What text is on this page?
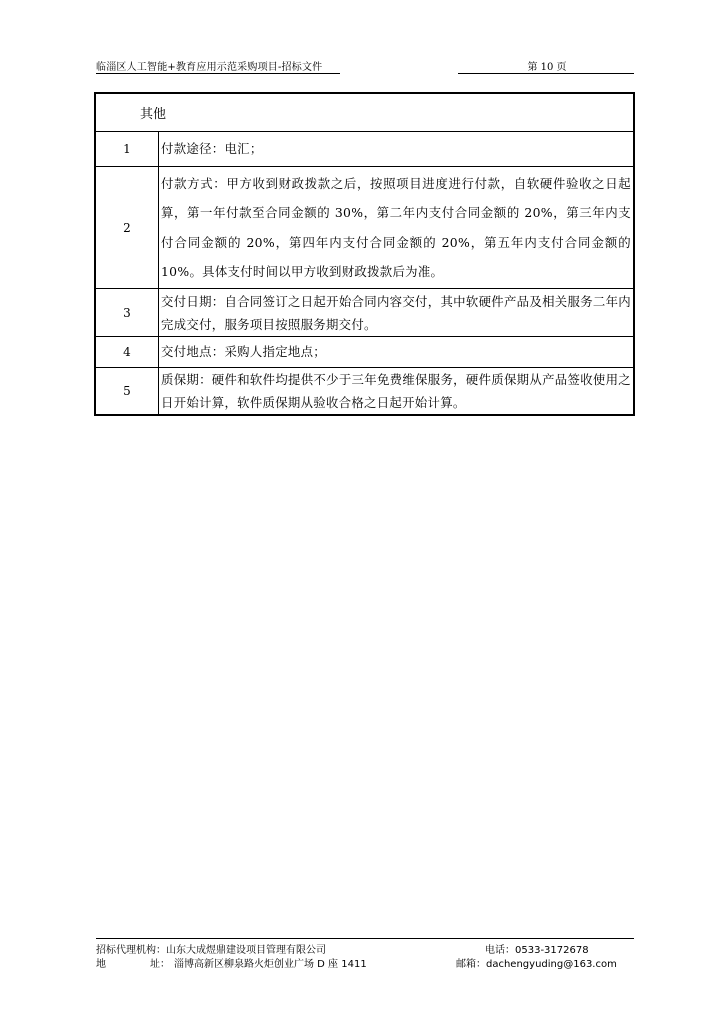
临淄区人工智能+教育应用示范采购项目-招标文件	第 10 页
其他	
1	付款途径：电汇；
2	付款方式：甲方收到财政拨款之后，按照项目进度进行付款，自软硬件验收之日起算，第一年付款至合同金额的 30%，第二年内支付合同金额的 20%，第三年内支付合同金额的 20%，第四年内支付合同金额的 20%，第五年内支付合同金额的 10%。具体支付时间以甲方收到财政拨款后为准。
3	交付日期：自合同签订之日起开始合同内容交付，其中软硬件产品及相关服务二年内完成交付，服务项目按照服务期交付。
4	交付地点：采购人指定地点；
5	质保期：硬件和软件均提供不少于三年免费维保服务，硬件质保期从产品签收使用之日开始计算，软件质保期从验收合格之日起开始计算。
招标代理机构：山东大成煜鼎建设项目管理有限公司	电话：0533-3172678
地	址： 淄博高新区柳泉路火炬创业广场 D 座 1411	邮箱：dachengyuding@163.com
